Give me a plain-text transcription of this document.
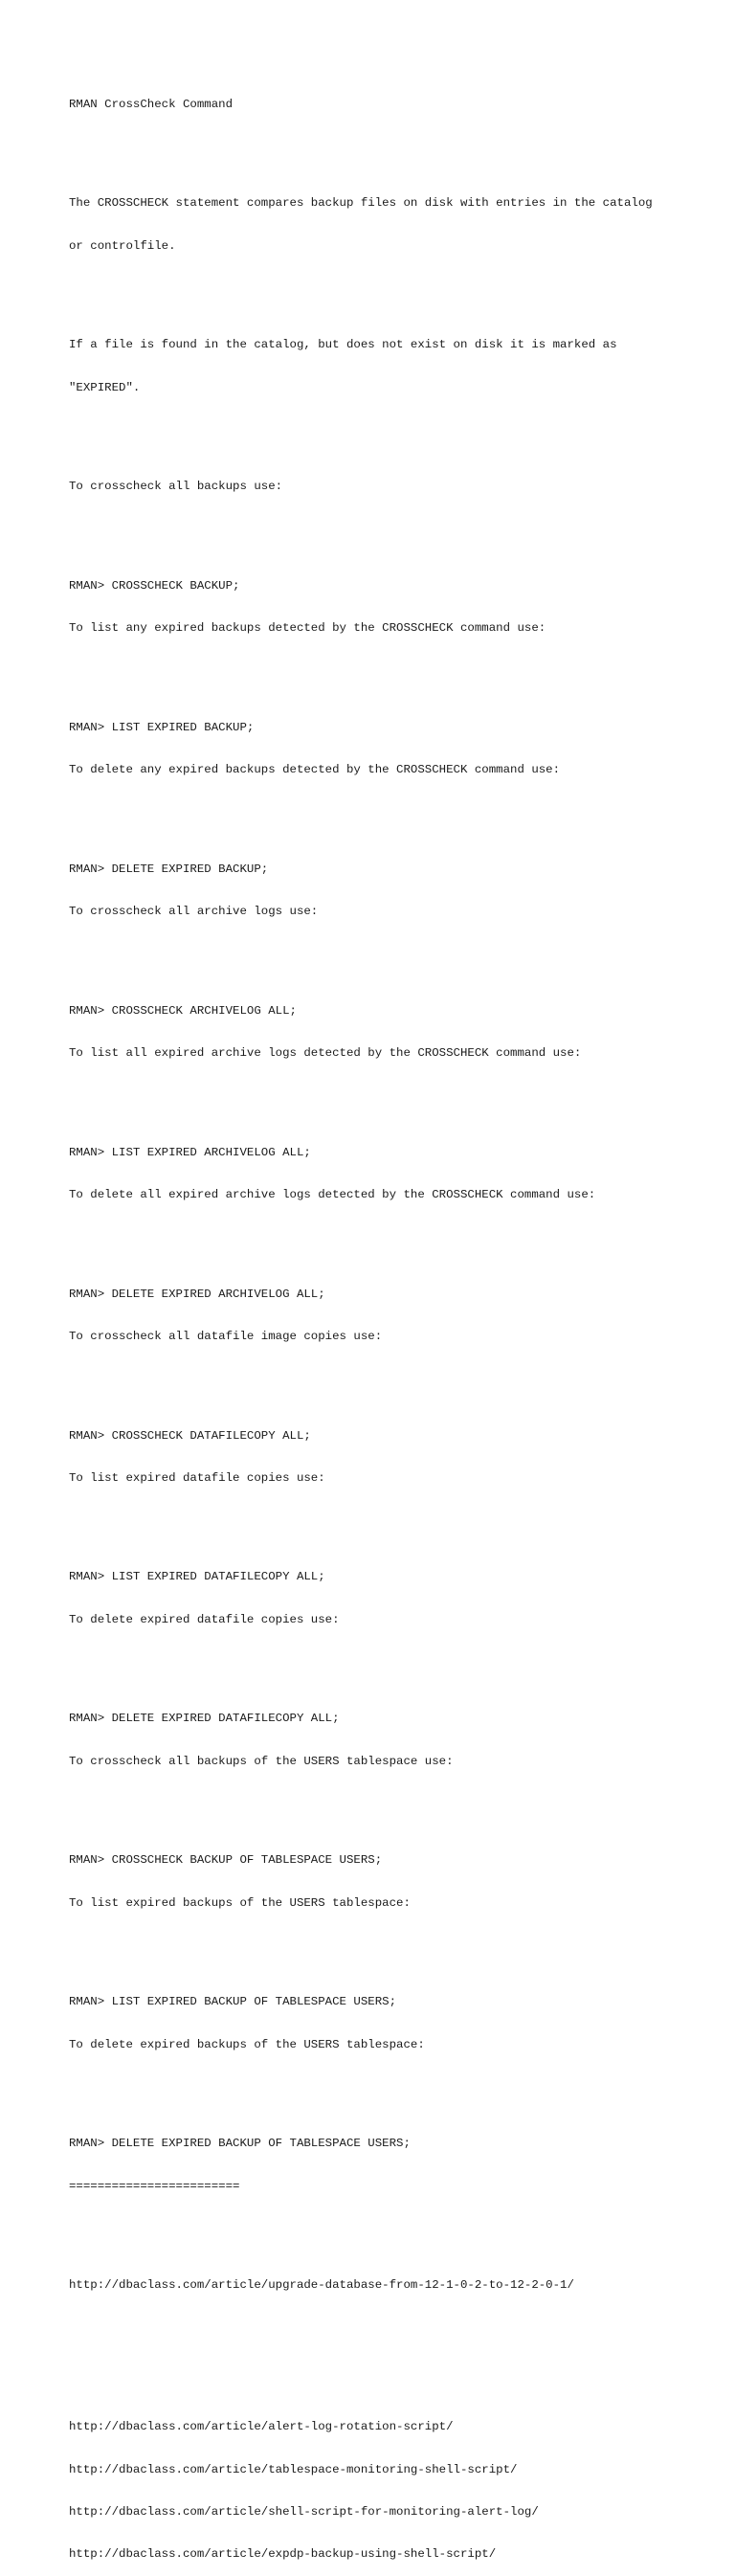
RMAN CrossCheck Command

The CROSSCHECK statement compares backup files on disk with entries in the catalog

or controlfile.

If a file is found in the catalog, but does not exist on disk it is marked as

"EXPIRED".

To crosscheck all backups use:

RMAN> CROSSCHECK BACKUP;

To list any expired backups detected by the CROSSCHECK command use:

RMAN> LIST EXPIRED BACKUP;

To delete any expired backups detected by the CROSSCHECK command use:

RMAN> DELETE EXPIRED BACKUP;

To crosscheck all archive logs use:

RMAN> CROSSCHECK ARCHIVELOG ALL;

To list all expired archive logs detected by the CROSSCHECK command use:

RMAN> LIST EXPIRED ARCHIVELOG ALL;

To delete all expired archive logs detected by the CROSSCHECK command use:

RMAN> DELETE EXPIRED ARCHIVELOG ALL;

To crosscheck all datafile image copies use:

RMAN> CROSSCHECK DATAFILECOPY ALL;

To list expired datafile copies use:

RMAN> LIST EXPIRED DATAFILECOPY ALL;

To delete expired datafile copies use:

RMAN> DELETE EXPIRED DATAFILECOPY ALL;

To crosscheck all backups of the USERS tablespace use:

RMAN> CROSSCHECK BACKUP OF TABLESPACE USERS;

To list expired backups of the USERS tablespace:

RMAN> LIST EXPIRED BACKUP OF TABLESPACE USERS;

To delete expired backups of the USERS tablespace:

RMAN> DELETE EXPIRED BACKUP OF TABLESPACE USERS;

========================

http://dbaclass.com/article/upgrade-database-from-12-1-0-2-to-12-2-0-1/

http://dbaclass.com/article/alert-log-rotation-script/

http://dbaclass.com/article/tablespace-monitoring-shell-script/

http://dbaclass.com/article/shell-script-for-monitoring-alert-log/

http://dbaclass.com/article/expdp-backup-using-shell-script/
